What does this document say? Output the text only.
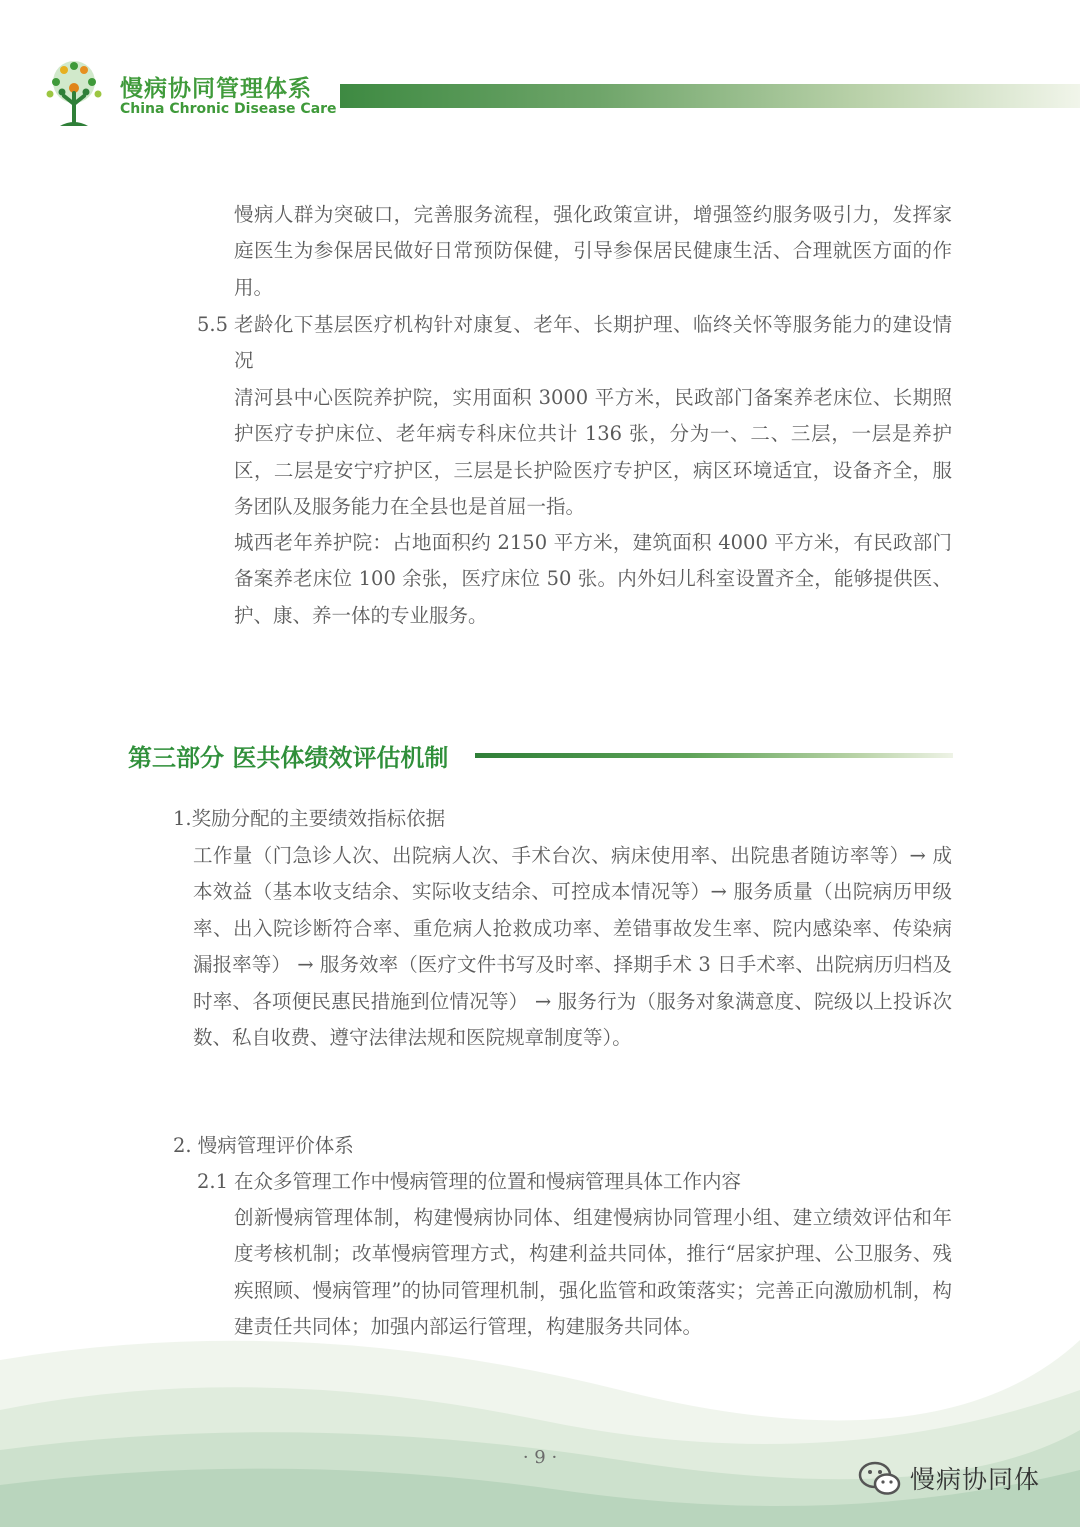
慢病协同管理体系
China Chronic Disease Care

慢病人群为突破口，完善服务流程，强化政策宣讲，增强签约服务吸引力，发挥家庭医生为参保居民做好日常预防保健，引导参保居民健康生活、合理就医方面的作用。

5.5 老龄化下基层医疗机构针对康复、老年、长期护理、临终关怀等服务能力的建设情况

清河县中心医院养护院，实用面积 3000 平方米，民政部门备案养老床位、长期照护医疗专护床位、老年病专科床位共计 136 张，分为一、二、三层，一层是养护区，二层是安宁疗护区，三层是长护险医疗专护区，病区环境适宜，设备齐全，服务团队及服务能力在全县也是首屈一指。

城西老年养护院：占地面积约 2150 平方米，建筑面积 4000 平方米，有民政部门备案养老床位 100 余张，医疗床位 50 张。内外妇儿科室设置齐全，能够提供医、护、康、养一体的专业服务。

第三部分 医共体绩效评估机制
1.奖励分配的主要绩效指标依据

工作量（门急诊人次、出院病人次、手术台次、病床使用率、出院患者随访率等）→ 成本效益（基本收支结余、实际收支结余、可控成本情况等）→ 服务质量（出院病历甲级率、出入院诊断符合率、重危病人抢救成功率、差错事故发生率、院内感染率、传染病漏报率等） → 服务效率（医疗文件书写及时率、择期手术 3 日手术率、出院病历归档及时率、各项便民惠民措施到位情况等） → 服务行为（服务对象满意度、院级以上投诉次数、私自收费、遵守法律法规和医院规章制度等）。

2. 慢病管理评价体系
2.1 在众多管理工作中慢病管理的位置和慢病管理具体工作内容

创新慢病管理体制，构建慢病协同体、组建慢病协同管理小组、建立绩效评估和年度考核机制；改革慢病管理方式，构建利益共同体，推行“居家护理、公卫服务、残疾照顾、慢病管理”的协同管理机制，强化监管和政策落实；完善正向激励机制，构建责任共同体；加强内部运行管理，构建服务共同体。

· 9 ·
慢病协同体
